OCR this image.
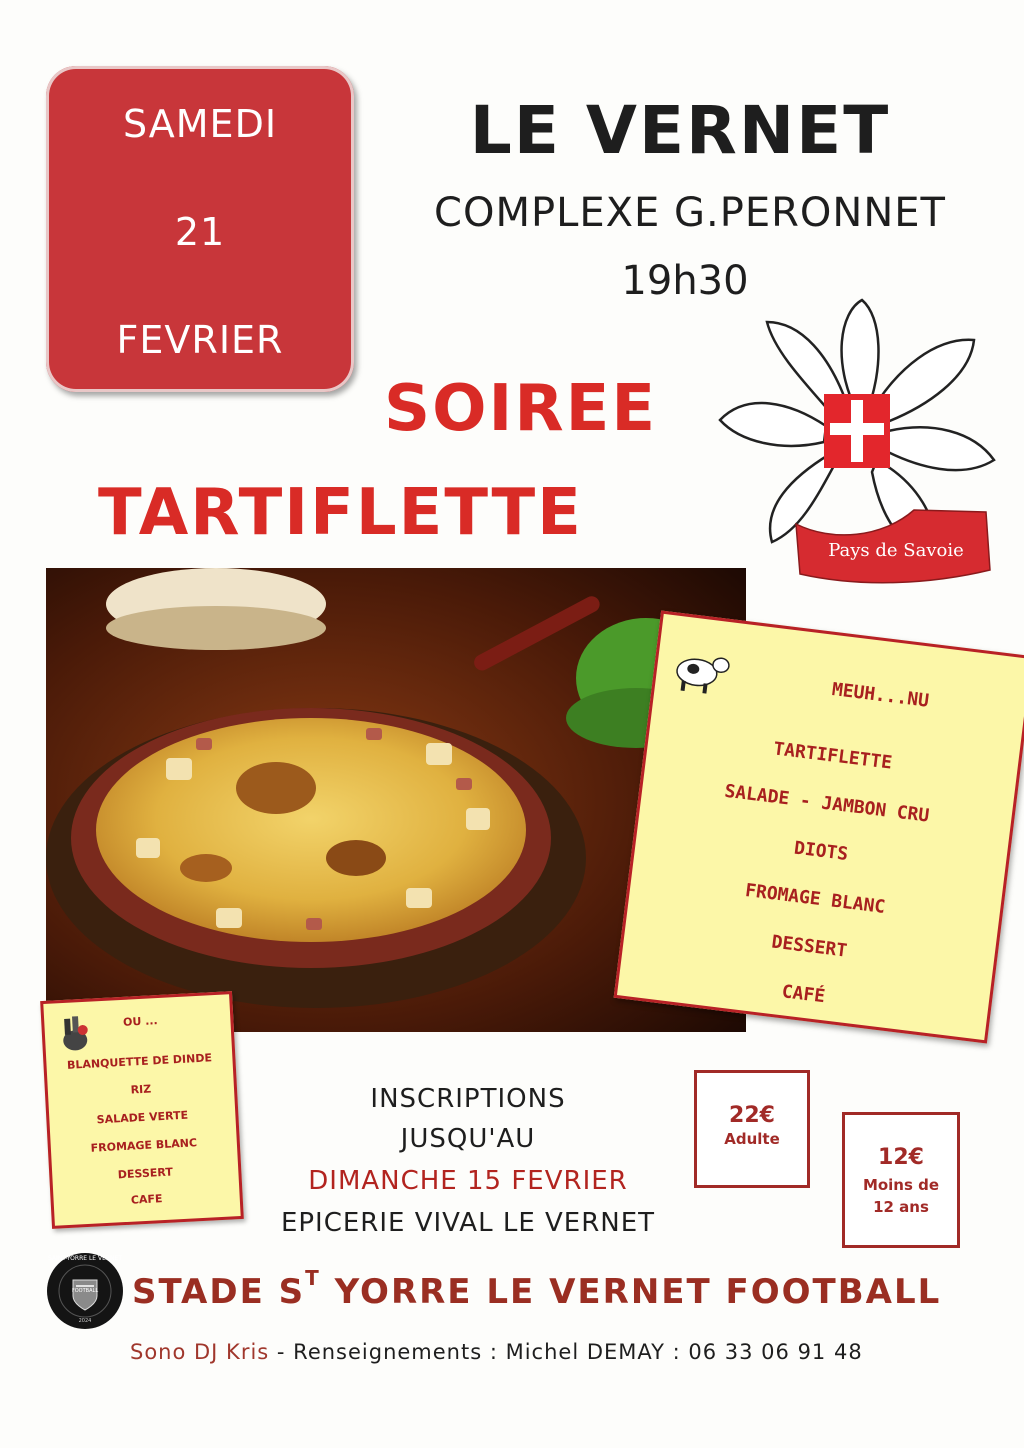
SAMEDI
21
FEVRIER
LE VERNET
COMPLEXE G.PERONNET
19h30
SOIREE
TARTIFLETTE
Pays de Savoie
MEUH...NU
TARTIFLETTE
SALADE - JAMBON CRU
DIOTS
FROMAGE BLANC
DESSERT
CAFÉ
OU ...
BLANQUETTE DE DINDE
RIZ
SALADE VERTE
FROMAGE BLANC
DESSERT
CAFE
INSCRIPTIONS
JUSQU'AU
DIMANCHE 15 FEVRIER
EPICERIE VIVAL LE VERNET
22€
Adulte
12€
Moins de 12 ans
SAINT-YORRE LE VERNET
FOOTBALL
2024
STADE $S^T$ YORRE LE VERNET FOOTBALL
Sono DJ Kris - Renseignements : Michel DEMAY : 06 33 06 91 48
